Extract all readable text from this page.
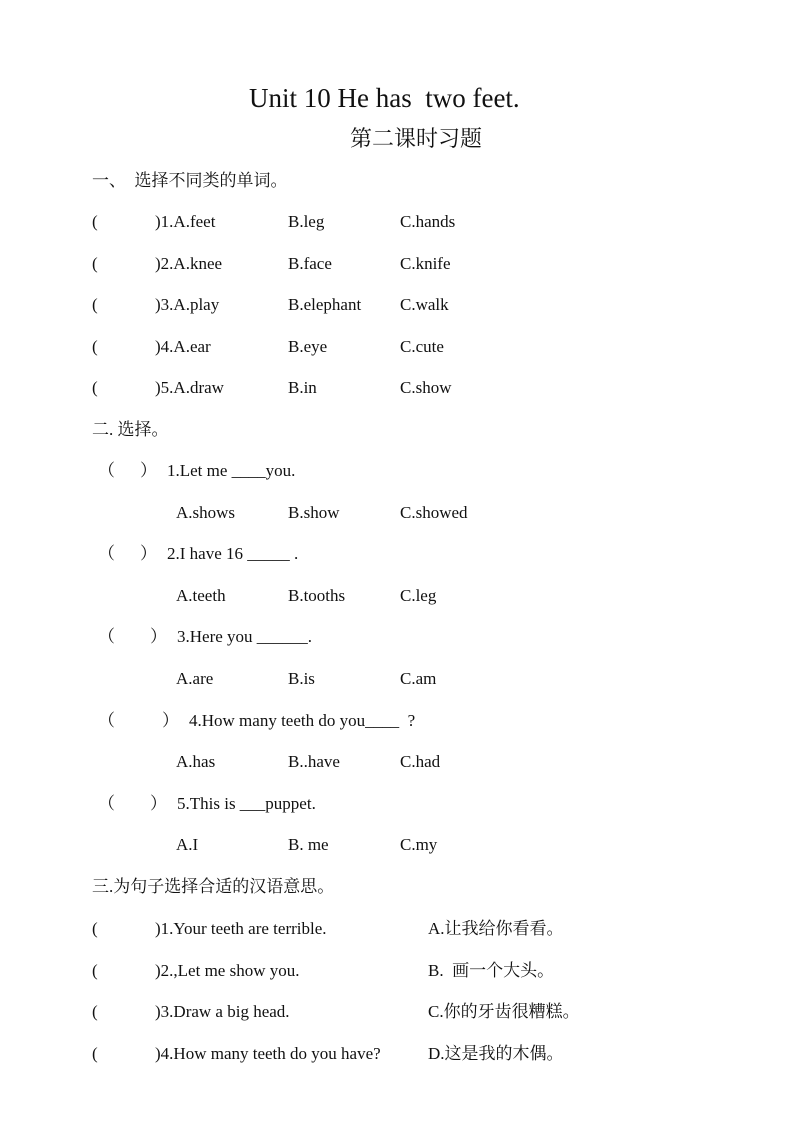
Unit 10 He has  two feet.
第二课时习题
一、  选择不同类的单词。
(	)1.A.feet	B.leg	C.hands
(	)2.A.knee	B.face	C.knife
(	)3.A.play	B.elephant C.walk
(	)4.A.ear	B.eye	C.cute
(	)5.A.draw	B.in	C.show
二. 选择。
（ ） 1.Let me ____you.
A.shows	B.show	C.showed
（ ） 2.I have 16 _____ .
A.teeth	B.tooths	C.leg
（ ） 3.Here you ______.
A.are	B.is	C.am
（	） 4.How many teeth do you____  ?
A.has	B..have	C.had
（ ） 5.This is ___puppet.
A.I	B. me	C.my
三.为句子选择合适的汉语意思。
(	)1.Your teeth are terrible.	A.让我给你看看。
(	)2.,Let me show you.	B.  画一个大头。
(	)3.Draw a big head.	C.你的牙齿很糟糕。
(	)4.How many teeth do you have?	D.这是我的木偶。
